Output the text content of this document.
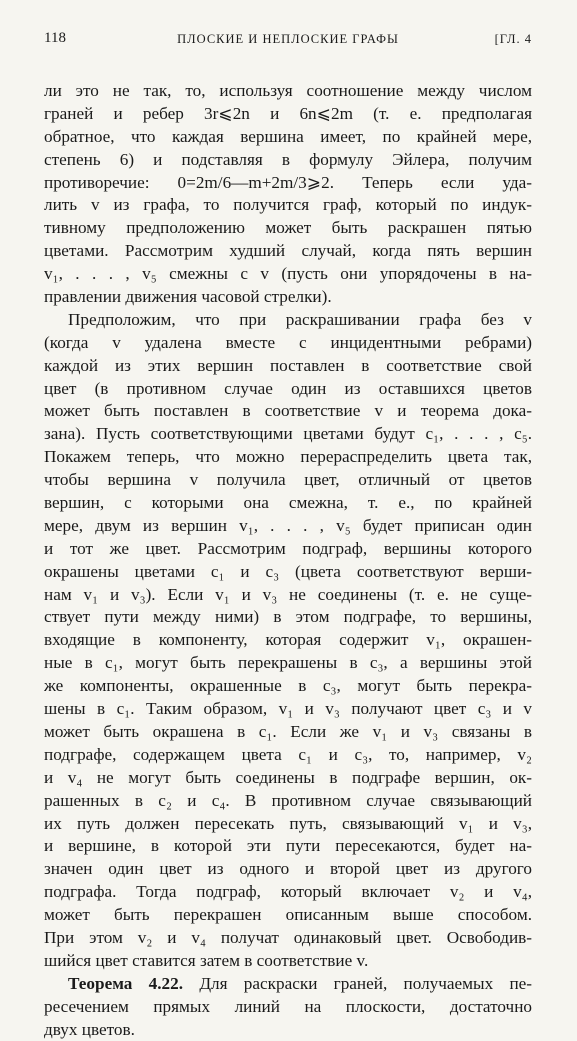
118	ПЛОСКИЕ И НЕПЛОСКИЕ ГРАФЫ	[ГЛ. 4
ли это не так, то, используя соотношение между числом
граней и ребер 3r⩽2n и 6n⩽2m (т. е. предполагая
обратное, что каждая вершина имеет, по крайней мере,
степень 6) и подставляя в формулу Эйлера, получим
противоречие: 0=2m/6—m+2m/3⩾2. Теперь если уда-
лить v из графа, то получится граф, который по индук-
тивному предположению может быть раскрашен пятью
цветами. Рассмотрим худший случай, когда пять вершин
v₁, . . . , v₅ смежны с v (пусть они упорядочены в на-
правлении движения часовой стрелки).
Предположим, что при раскрашивании графа без v
(когда v удалена вместе с инцидентными ребрами)
каждой из этих вершин поставлен в соответствие свой
цвет (в противном случае один из оставшихся цветов
может быть поставлен в соответствие v и теорема дока-
зана). Пусть соответствующими цветами будут c₁, . . . , c₅.
Покажем теперь, что можно перераспределить цвета так,
чтобы вершина v получила цвет, отличный от цветов
вершин, с которыми она смежна, т. е., по крайней
мере, двум из вершин v₁, . . . , v₅ будет приписан один
и тот же цвет. Рассмотрим подграф, вершины которого
окрашены цветами c₁ и c₃ (цвета соответствуют верши-
нам v₁ и v₃). Если v₁ и v₃ не соединены (т. е. не суще-
ствует пути между ними) в этом подграфе, то вершины,
входящие в компоненту, которая содержит v₁, окрашен-
ные в c₁, могут быть перекрашены в c₃, а вершины этой
же компоненты, окрашенные в c₃, могут быть перекра-
шены в c₁. Таким образом, v₁ и v₃ получают цвет c₃ и v
может быть окрашена в c₁. Если же v₁ и v₃ связаны в
подграфе, содержащем цвета c₁ и c₃, то, например, v₂
и v₄ не могут быть соединены в подграфе вершин, ок-
рашенных в c₂ и c₄. В противном случае связывающий
их путь должен пересекать путь, связывающий v₁ и v₃,
и вершине, в которой эти пути пересекаются, будет на-
значен один цвет из одного и второй цвет из другого
подграфа. Тогда подграф, который включает v₂ и v₄,
может быть перекрашен описанным выше способом.
При этом v₂ и v₄ получат одинаковый цвет. Освободив-
шийся цвет ставится затем в соответствие v.
Теорема 4.22. Для раскраски граней, получаемых пе-
ресечением прямых линий на плоскости, достаточно
двух цветов.
